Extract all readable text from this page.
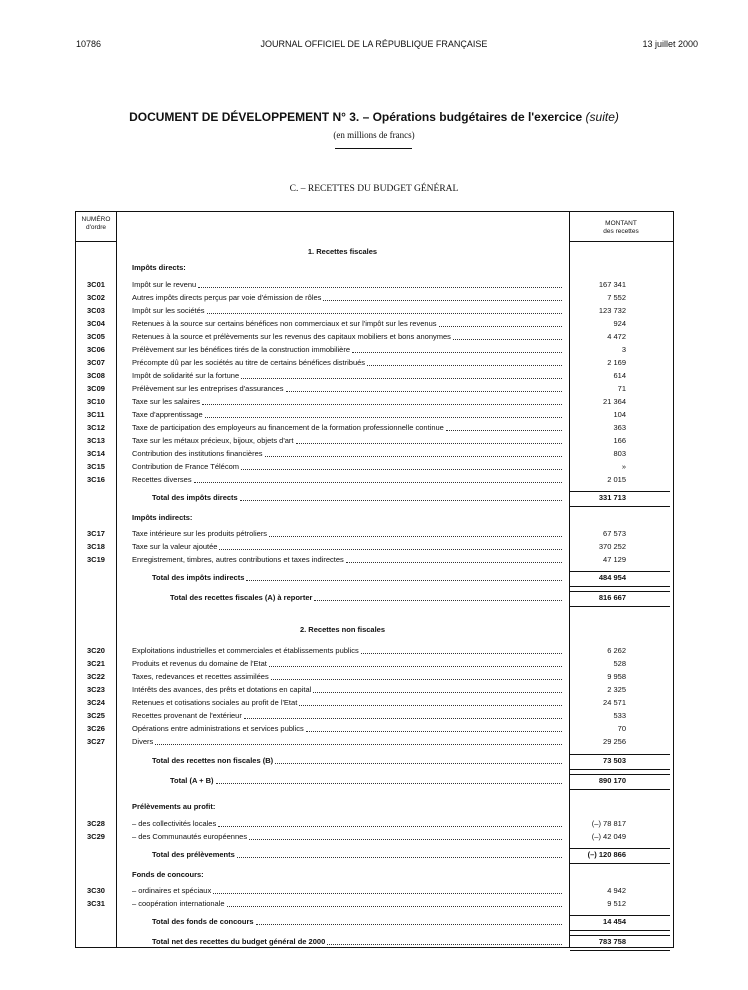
10786	JOURNAL OFFICIEL DE LA RÉPUBLIQUE FRANÇAISE	13 juillet 2000
DOCUMENT DE DÉVELOPPEMENT N° 3. – Opérations budgétaires de l'exercice (suite)
(en millions de francs)
C. – RECETTES DU BUDGET GÉNÉRAL
NUMÉRO
d'ordre
MONTANT
des recettes
1. Recettes fiscales
Impôts directs:
3C01	Impôt sur le revenu	167 341
3C02	Autres impôts directs perçus par voie d'émission de rôles	7 552
3C03	Impôt sur les sociétés	123 732
3C04	Retenues à la source sur certains bénéfices non commerciaux et sur l'impôt sur les revenus	924
3C05	Retenues à la source et prélèvements sur les revenus des capitaux mobiliers et bons anonymes	4 472
3C06	Prélèvement sur les bénéfices tirés de la construction immobilière	3
3C07	Précompte dû par les sociétés au titre de certains bénéfices distribués	2 169
3C08	Impôt de solidarité sur la fortune	614
3C09	Prélèvement sur les entreprises d'assurances	71
3C10	Taxe sur les salaires	21 364
3C11	Taxe d'apprentissage	104
3C12	Taxe de participation des employeurs au financement de la formation professionnelle continue	363
3C13	Taxe sur les métaux précieux, bijoux, objets d'art	166
3C14	Contribution des institutions financières	803
3C15	Contribution de France Télécom	»
3C16	Recettes diverses	2 015
Total des impôts directs	331 713
Impôts indirects:
3C17	Taxe intérieure sur les produits pétroliers	67 573
3C18	Taxe sur la valeur ajoutée	370 252
3C19	Enregistrement, timbres, autres contributions et taxes indirectes	47 129
Total des impôts indirects	484 954
Total des recettes fiscales (A) à reporter	816 667
2. Recettes non fiscales
3C20	Exploitations industrielles et commerciales et établissements publics	6 262
3C21	Produits et revenus du domaine de l'Etat	528
3C22	Taxes, redevances et recettes assimilées	9 958
3C23	Intérêts des avances, des prêts et dotations en capital	2 325
3C24	Retenues et cotisations sociales au profit de l'Etat	24 571
3C25	Recettes provenant de l'extérieur	533
3C26	Opérations entre administrations et services publics	70
3C27	Divers	29 256
Total des recettes non fiscales (B)	73 503
Total (A + B)	890 170
Prélèvements au profit:
3C28	– des collectivités locales	(–) 78 817
3C29	– des Communautés européennes	(–) 42 049
Total des prélèvements	(–) 120 866
Fonds de concours:
3C30	– ordinaires et spéciaux	4 942
3C31	– coopération internationale	9 512
Total des fonds de concours	14 454
Total net des recettes du budget général de 2000	783 758
